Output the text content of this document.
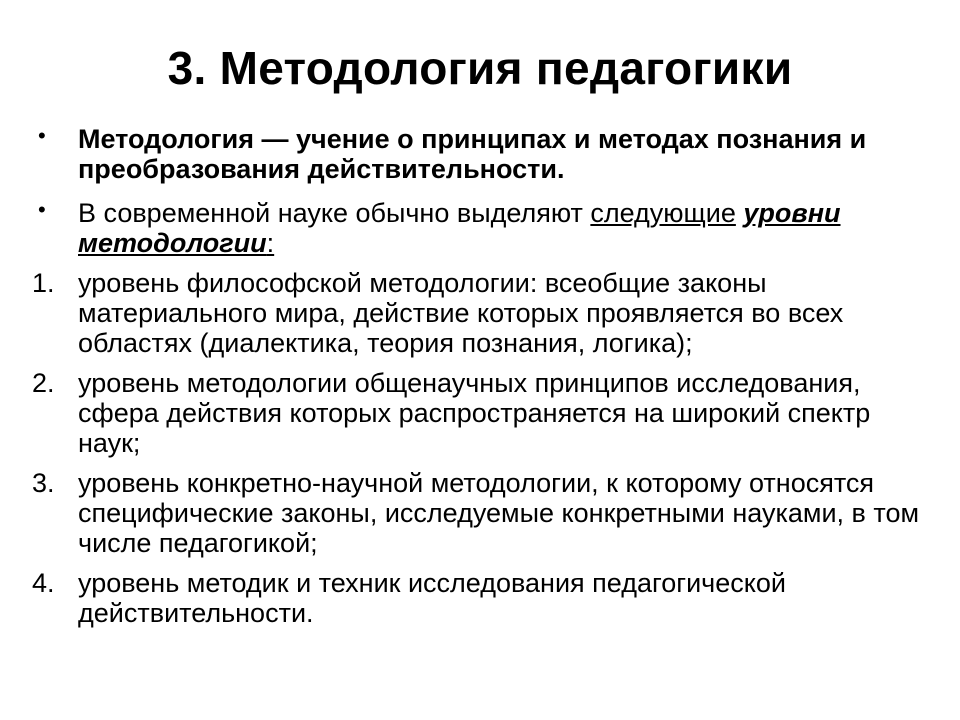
3. Методология педагогики
• Методология — учение о принципах и методах познания и преобразования действительности.
• В современной науке обычно выделяют следующие уровни методологии:
1. уровень философской методологии: всеобщие законы материального мира, действие которых проявляется во всех областях (диалектика, теория познания, логика);
2. уровень методологии общенаучных принципов исследования, сфера действия которых распространяется на широкий спектр наук;
3. уровень конкретно-научной методологии, к которому относятся специфические законы, исследуемые конкретными науками, в том числе педагогикой;
4. уровень методик и техник исследования педагогической действительности.
